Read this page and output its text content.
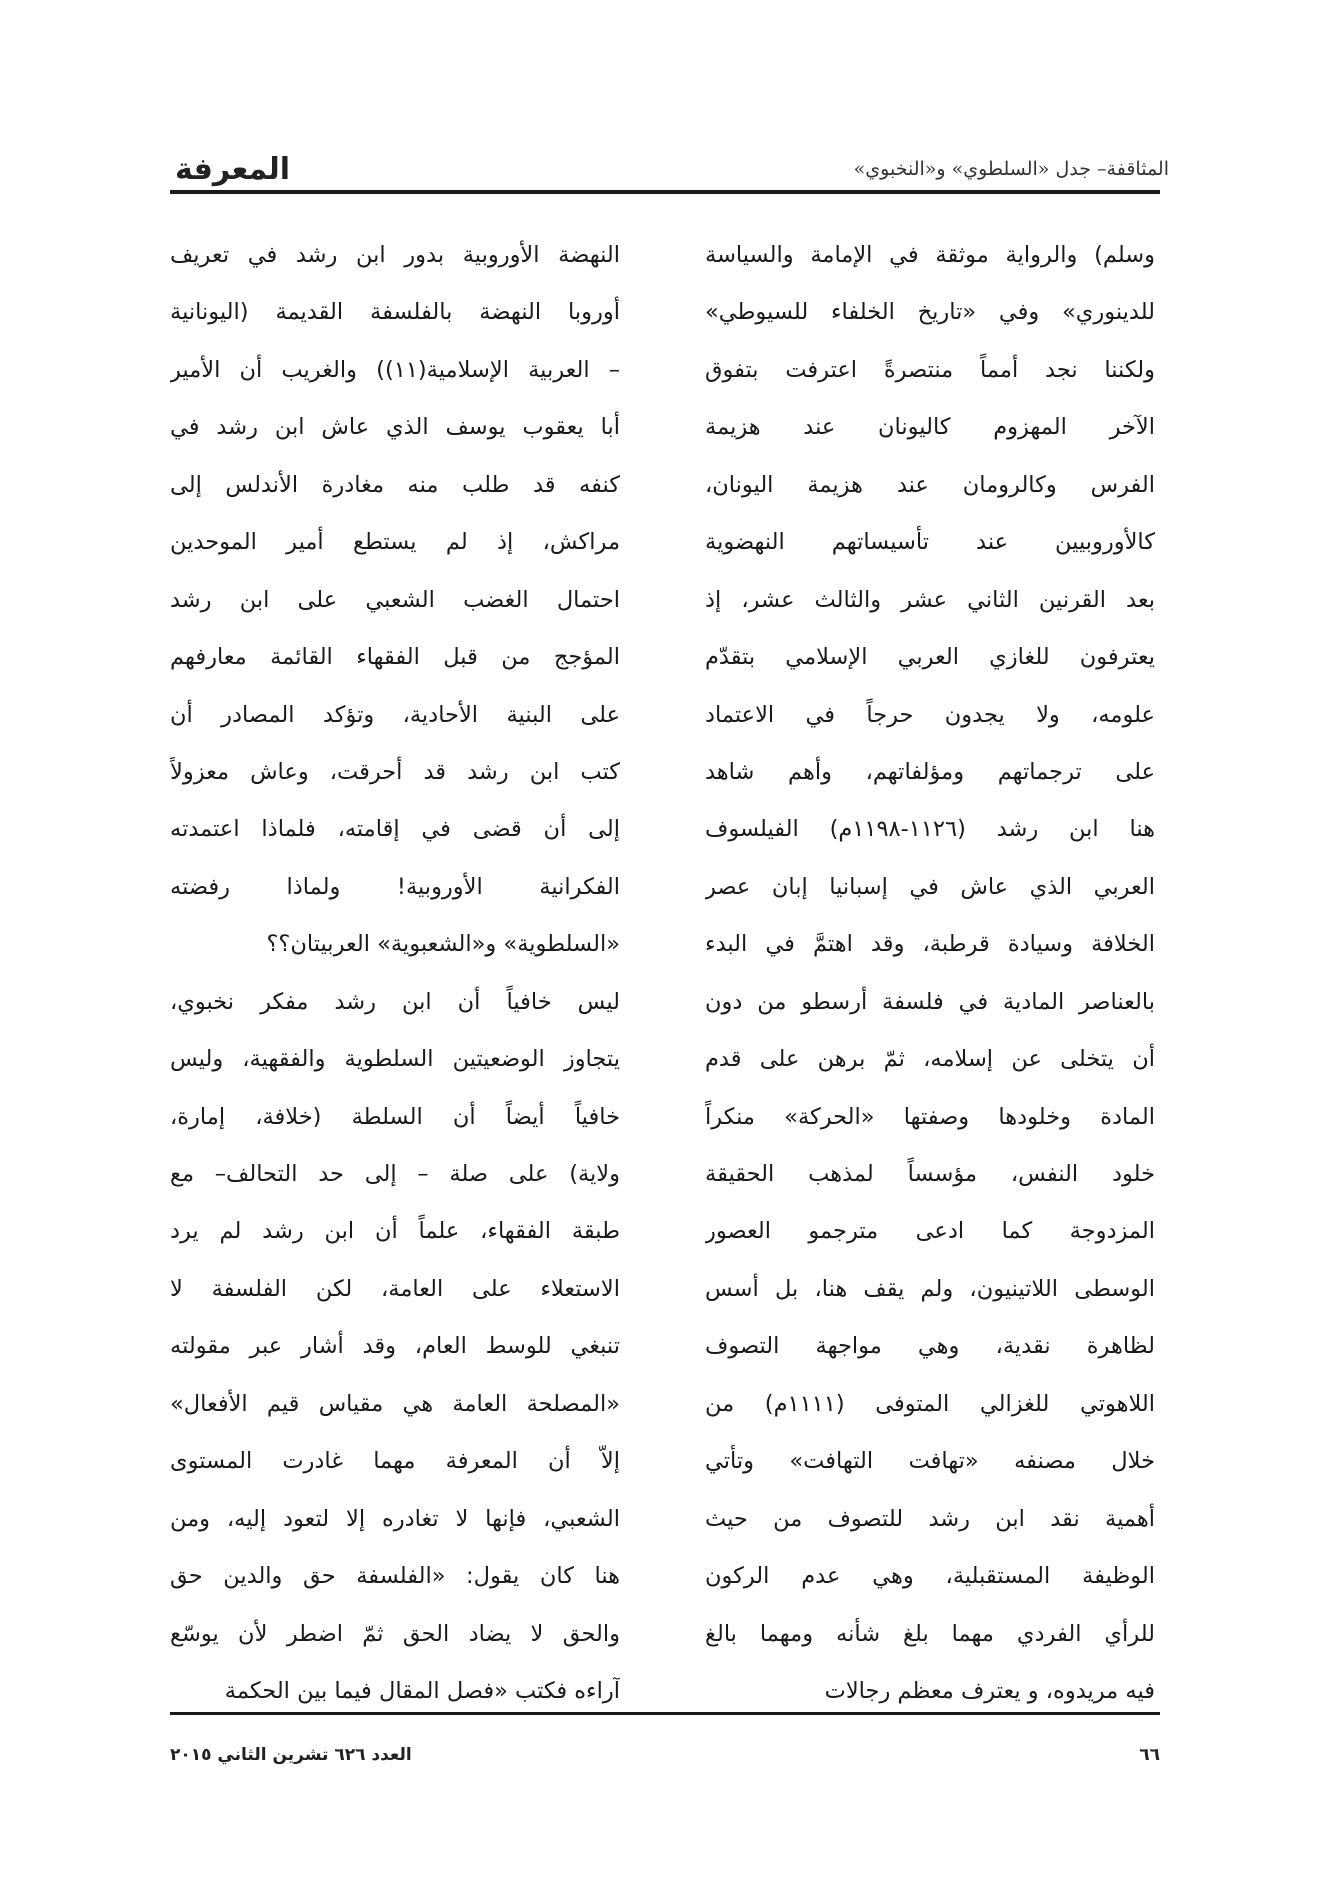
المعرفة	المثاقفة– جدل «السلطوي» و«النخبوي»
وسلم) والرواية موثقة في الإمامة والسياسة
للدينوري» وفي «تاريخ الخلفاء للسيوطي»
ولكننا نجد أمماً منتصرةً اعترفت بتفوق
الآخر المهزوم كاليونان عند هزيمة
الفرس وكالرومان عند هزيمة اليونان،
كالأوروبيين عند تأسيساتهم النهضوية
بعد القرنين الثاني عشر والثالث عشر، إذ
يعترفون للغازي العربي الإسلامي بتقدّم
علومه، ولا يجدون حرجاً في الاعتماد
على ترجماتهم ومؤلفاتهم، وأهم شاهد
هنا ابن رشد (١١٢٦-١١٩٨م) الفيلسوف
العربي الذي عاش في إسبانيا إبان عصر
الخلافة وسيادة قرطبة، وقد اهتمَّ في البدء
بالعناصر المادية في فلسفة أرسطو من دون
أن يتخلى عن إسلامه، ثمّ برهن على قدم
المادة وخلودها وصفتها «الحركة» منكراً
خلود النفس، مؤسساً لمذهب الحقيقة
المزدوجة كما ادعى مترجمو العصور
الوسطى اللاتينيون، ولم يقف هنا، بل أسس
لظاهرة نقدية، وهي مواجهة التصوف
اللاهوتي للغزالي المتوفى (١١١١م) من
خلال مصنفه «تهافت التهافت» وتأتي
أهمية نقد ابن رشد للتصوف من حيث
الوظيفة المستقبلية، وهي عدم الركون
للرأي الفردي مهما بلغ شأنه ومهما بالغ
فيه مريدوه، و يعترف معظم رجالات
النهضة الأوروبية بدور ابن رشد في تعريف
أوروبا النهضة بالفلسفة القديمة (اليونانية
– العربية الإسلامية(١١)) والغريب أن الأمير
أبا يعقوب يوسف الذي عاش ابن رشد في
كنفه قد طلب منه مغادرة الأندلس إلى
مراكش، إذ لم يستطع أمير الموحدين
احتمال الغضب الشعبي على ابن رشد
المؤجج من قبل الفقهاء القائمة معارفهم
على البنية الأحادية، وتؤكد المصادر أن
كتب ابن رشد قد أحرقت، وعاش معزولاً
إلى أن قضى في إقامته، فلماذا اعتمدته
الفكرانية الأوروبية! ولماذا رفضته
«السلطوية» و«الشعبوية» العربيتان؟؟
ليس خافياً أن ابن رشد مفكر نخبوي،
يتجاوز الوضعيتين السلطوية والفقهية، وليس
خافياً أيضاً أن السلطة (خلافة، إمارة،
ولاية) على صلة – إلى حد التحالف– مع
طبقة الفقهاء، علماً أن ابن رشد لم يرد
الاستعلاء على العامة، لكن الفلسفة لا
تنبغي للوسط العام، وقد أشار عبر مقولته
«المصلحة العامة هي مقياس قيم الأفعال»
إلاّ أن المعرفة مهما غادرت المستوى
الشعبي، فإنها لا تغادره إلا لتعود إليه، ومن
هنا كان يقول: «الفلسفة حق والدين حق
والحق لا يضاد الحق ثمّ اضطر لأن يوسّع
آراءه فكتب «فصل المقال فيما بين الحكمة
٦٦
العدد ٦٢٦ تشرين الثاني ٢٠١٥
